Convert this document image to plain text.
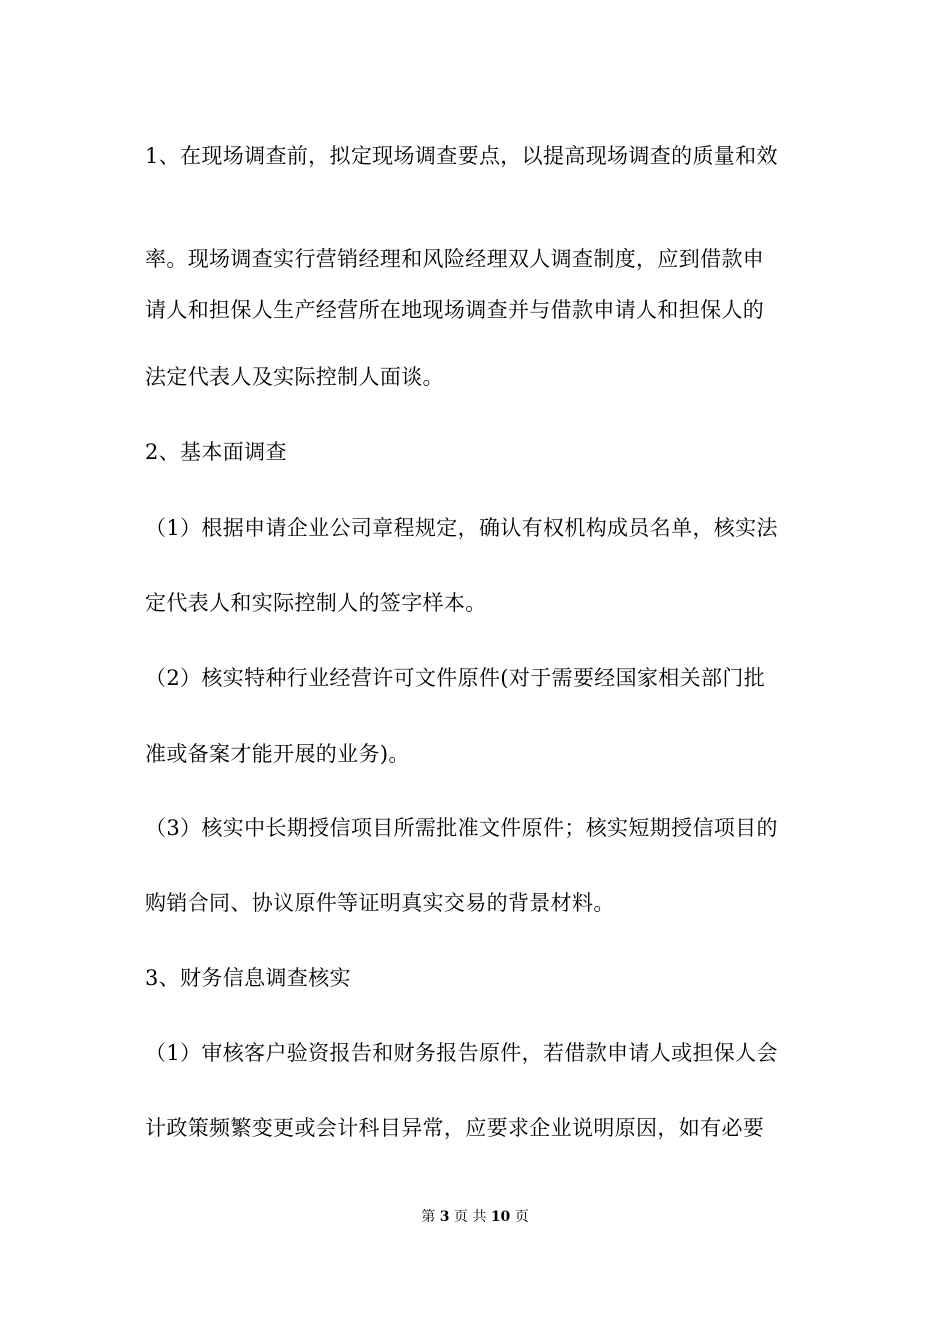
1、在现场调查前，拟定现场调查要点，以提高现场调查的质量和效
率。现场调查实行营销经理和风险经理双人调查制度，应到借款申
请人和担保人生产经营所在地现场调查并与借款申请人和担保人的
法定代表人及实际控制人面谈。
2、基本面调查
（1）根据申请企业公司章程规定，确认有权机构成员名单，核实法
定代表人和实际控制人的签字样本。
（2）核实特种行业经营许可文件原件(对于需要经国家相关部门批
准或备案才能开展的业务)。
（3）核实中长期授信项目所需批准文件原件；核实短期授信项目的
购销合同、协议原件等证明真实交易的背景材料。
3、财务信息调查核实
（1）审核客户验资报告和财务报告原件，若借款申请人或担保人会
计政策频繁变更或会计科目异常，应要求企业说明原因，如有必要
第 3 页 共 10 页
